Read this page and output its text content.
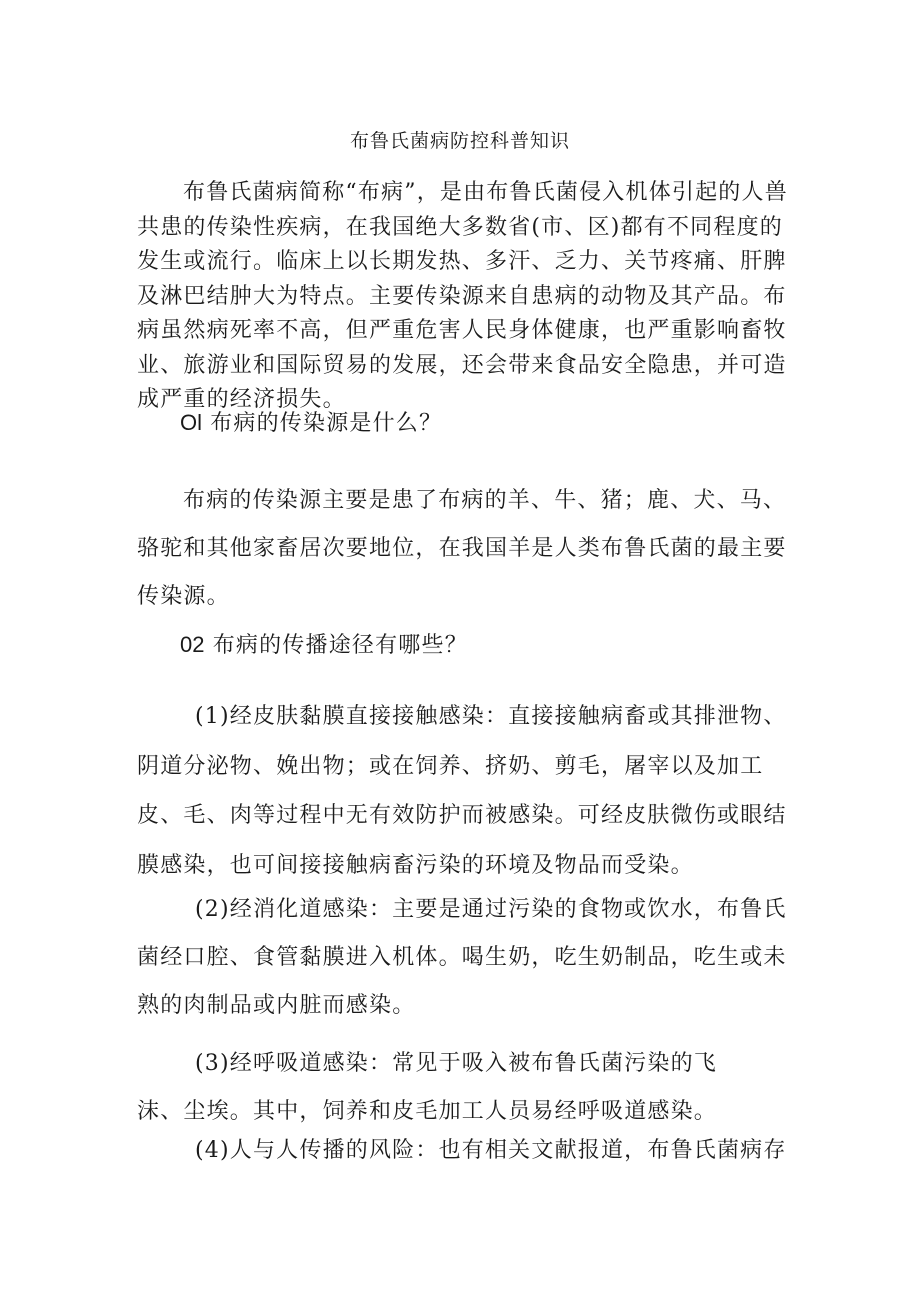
布鲁氏菌病防控科普知识

布鲁氏菌病简称“布病”，是由布鲁氏菌侵入机体引起的人兽共患的传染性疾病，在我国绝大多数省(市、区)都有不同程度的发生或流行。临床上以长期发热、多汗、乏力、关节疼痛、肝脾及淋巴结肿大为特点。主要传染源来自患病的动物及其产品。布病虽然病死率不高，但严重危害人民身体健康，也严重影响畜牧业、旅游业和国际贸易的发展，还会带来食品安全隐患，并可造成严重的经济损失。

Ol 布病的传染源是什么？

布病的传染源主要是患了布病的羊、牛、猪；鹿、犬、马、骆驼和其他家畜居次要地位，在我国羊是人类布鲁氏菌的最主要传染源。

02 布病的传播途径有哪些？

(1)经皮肤黏膜直接接触感染：直接接触病畜或其排泄物、阴道分泌物、娩出物；或在饲养、挤奶、剪毛，屠宰以及加工皮、毛、肉等过程中无有效防护而被感染。可经皮肤微伤或眼结膜感染，也可间接接触病畜污染的环境及物品而受染。

(2)经消化道感染：主要是通过污染的食物或饮水，布鲁氏菌经口腔、食管黏膜进入机体。喝生奶，吃生奶制品，吃生或未熟的肉制品或内脏而感染。

(3)经呼吸道感染：常见于吸入被布鲁氏菌污染的飞
沫、尘埃。其中，饲养和皮毛加工人员易经呼吸道感染。

(4)人与人传播的风险：也有相关文献报道，布鲁氏菌病存
